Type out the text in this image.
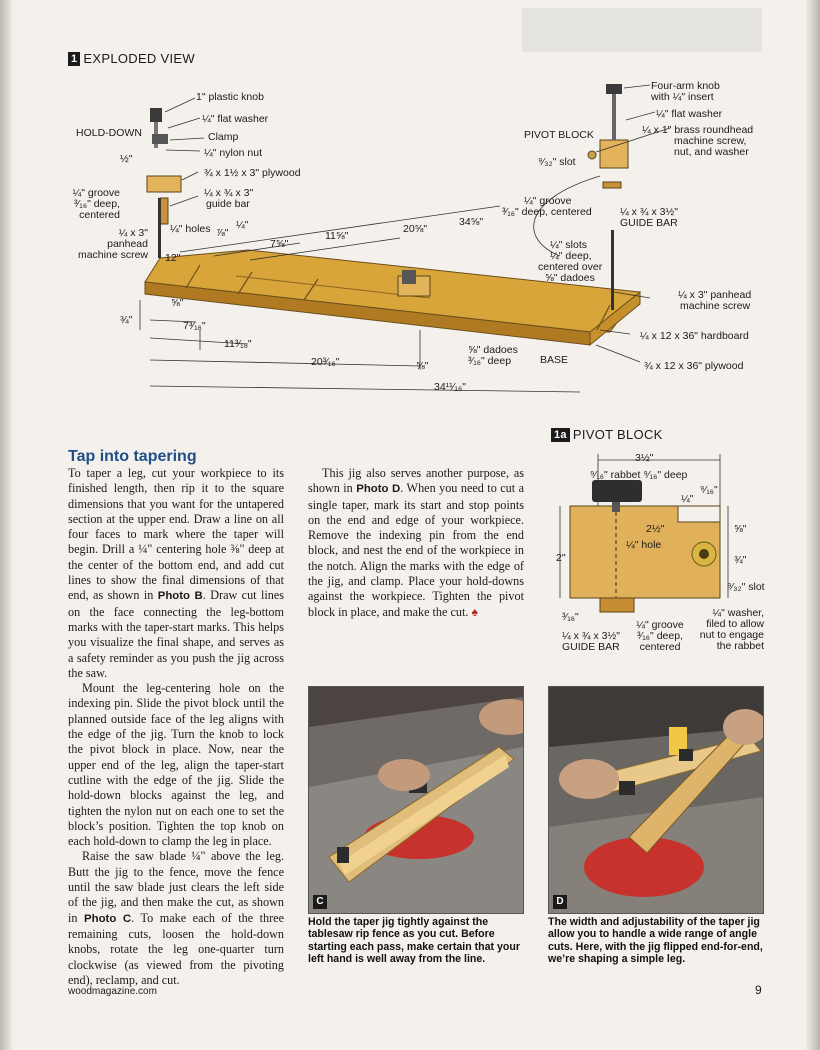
1 EXPLODED VIEW
1" plastic knob
¼" flat washer
HOLD-DOWN	Clamp
¼" nylon nut
½"
¾ x 1½ x 3" plywood
¼" groove
³⁄₁₆" deep,
centered
¼ x ¾ x 3"
guide bar
¼" holes ⅞"
¼"
¼ x 3"
panhead
machine screw 12"
7⅝"
11⅝"
20⅝"
34⅝"
Four-arm knob
with ¼" insert
¼" flat washer
¼ x 1" brass roundhead
machine screw,
nut, and washer
PIVOT BLOCK
⁹⁄₃₂" slot
¼" groove
³⁄₁₆" deep, centered	¼ x ¾ x 3½"
GUIDE BAR
¼" slots
¼" deep,
centered over
⅝" dadoes
¼ x 3" panhead
machine screw
¼ x 12 x 36" hardboard
¾ x 12 x 36" plywood
BASE
⅝" dadoes
³⁄₁₆" deep
⅝"
¾"	7³⁄₁₆"
11³⁄₁₆"
20³⁄₁₆"	⅝"
34¹¹⁄₁₆"
1a PIVOT BLOCK
3½"
⁹⁄₁₆" rabbet ⁹⁄₁₆" deep
⁹⁄₁₆"
¼"
2½"
¼" hole
⅝"
2"	¾"
⁹⁄₃₂" slot
³⁄₁₆"
¼" groove
³⁄₁₆" deep,
centered
¼ x ¾ x 3½"
GUIDE BAR
¼" washer,
filed to allow
nut to engage
the rabbet
Tap into tapering

To taper a leg, cut your workpiece to its finished length, then rip it to the square dimensions that you want for the untapered section at the upper end. Draw a line on all four faces to mark where the taper will begin. Drill a ¼" centering hole ⅜" deep at the center of the bottom end, and add cut lines to show the final dimensions of that end, as shown in Photo B. Draw cut lines on the face connecting the leg-bottom marks with the taper-start marks. This helps you visualize the final shape, and serves as a safety reminder as you push the jig across the saw.

Mount the leg-centering hole on the indexing pin. Slide the pivot block until the planned outside face of the leg aligns with the edge of the jig. Turn the knob to lock the pivot block in place. Now, near the upper end of the leg, align the taper-start cutline with the edge of the jig. Slide the hold-down blocks against the leg, and tighten the nylon nut on each one to set the block’s position. Tighten the top knob on each hold-down to clamp the leg in place.

Raise the saw blade ¼" above the leg. Butt the jig to the fence, move the fence until the saw blade just clears the left side of the jig, and then make the cut, as shown in Photo C. To make each of the three remaining cuts, loosen the hold-down knobs, rotate the leg one-quarter turn clockwise (as viewed from the pivoting end), reclamp, and cut.

This jig also serves another purpose, as shown in Photo D. When you need to cut a single taper, mark its start and stop points on the end and edge of your workpiece. Remove the indexing pin from the end block, and nest the end of the workpiece in the notch. Align the marks with the edge of the jig, and clamp. Place your hold-downs against the workpiece. Tighten the pivot block in place, and make the cut. ♠

C
Hold the taper jig tightly against the tablesaw rip fence as you cut. Before starting each pass, make certain that your left hand is well away from the line.
D
The width and adjustability of the taper jig allow you to handle a wide range of angle cuts. Here, with the jig flipped end-for-end, we’re shaping a simple leg.
woodmagazine.com	9
